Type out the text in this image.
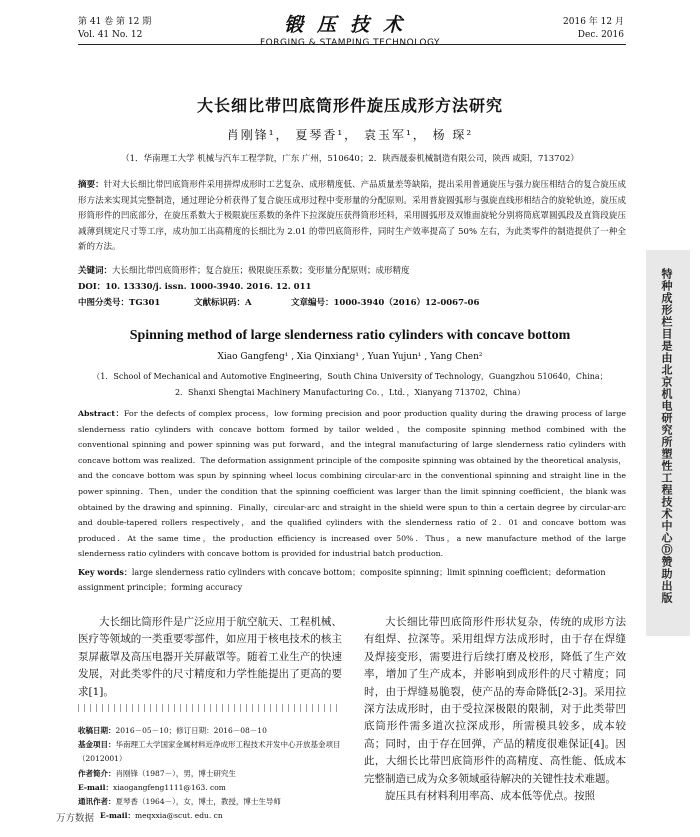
第 41 卷 第 12 期
Vol. 41 No. 12	锻压技术
FORGING & STAMPING TECHNOLOGY
2016 年 12 月
Dec. 2016
大长细比带凹底筒形件旋压成形方法研究
肖刚锋¹， 夏琴香¹， 袁玉军¹， 杨 琛²
（1．华南理工大学 机械与汽车工程学院，广东 广州，510640；2．陕西晟泰机械制造有限公司，陕西 咸阳，713702）
摘要：针对大长细比带凹底筒形件采用拼焊成形时工艺复杂、成形精度低、产品质量差等缺陷，提出采用普通旋压与强力旋压相结合的复合旋压成形方法来实现其完整制造，通过理论分析获得了复合旋压成形过程中变形量的分配原则。采用普旋圆弧形与强旋直线形相结合的旋轮轨迹，旋压成形筒形件的凹底部分，在旋压系数大于极限旋压系数的条件下拉深旋压获得筒形坯料，采用圆弧形及双锥面旋轮分别将筒底罩圆弧段及直筒段旋压减薄到规定尺寸等工序，成功加工出高精度的长细比为 2.01 的带凹底筒形件，同时生产效率提高了 50% 左右，为此类零件的制造提供了一种全新的方法。
关键词：大长细比带凹底筒形件；复合旋压；极限旋压系数；变形量分配原则；成形精度
DOI：10. 13330/j. issn. 1000-3940. 2016. 12. 011
中图分类号：TG301	文献标识码：A	文章编号：1000-3940（2016）12-0067-06
Spinning method of large slenderness ratio cylinders with concave bottom
Xiao Gangfeng¹ , Xia Qinxiang¹ , Yuan Yujun¹ , Yang Chen²
（1．School of Mechanical and Automotive Engineering，South China University of Technology，Guangzhou 510640，China；
2．Shanxi Shengtai Machinery Manufacturing Co．，Ltd．，Xianyang 713702，China）
Abstract：For the defects of complex process，low forming precision and poor production quality during the drawing process of large slenderness ratio cylinders with concave bottom formed by tailor welded，the composite spinning method combined with the conventional spinning and power spinning was put forward，and the integral manufacturing of large slenderness ratio cylinders with concave bottom was realized．The deformation assignment principle of the composite spinning was obtained by the theoretical analysis，and the concave bottom was spun by spinning wheel locus combining circular-arc in the conventional spinning and straight line in the power spinning．Then，under the condition that the spinning coefficient was larger than the limit spinning coefficient，the blank was obtained by the drawing and spinning．Finally，circular-arc and straight in the shield were spun to thin a certain degree by circular-arc and double-tapered rollers respectively，and the qualified cylinders with the slenderness ratio of 2．01 and concave bottom was produced．At the same time，the production efficiency is increased over 50%．Thus，a new manufacture method of the large slenderness ratio cylinders with concave bottom is provided for industrial batch production.
Key words：large slenderness ratio cylinders with concave bottom；composite spinning；limit spinning coefficient；deformation assignment principle；forming accuracy
大长细比筒形件是广泛应用于航空航天、工程机械、医疗等领域的一类重要零部件，如应用于核电技术的核主泵屏蔽罩及高压电器开关屏蔽罩等。随着工业生产的快速发展，对此类零件的尺寸精度和力学性能提出了更高的要求[1]。
收稿日期：2016－05－10；修订日期：2016－08－10
基金项目：华南理工大学国家金属材料近净成形工程技术开发中心开放基金项目（2012001）
作者简介：肖刚锋（1987－），男，博士研究生
E-mail：xiaogangfeng1111@163. com
通讯作者：夏琴香（1964－），女，博士，教授，博士生导师
E-mail：meqxxia@scut. edu. cn
大长细比带凹底筒形件形状复杂，传统的成形方法有组焊、拉深等。采用组焊方法成形时，由于存在焊缝及焊接变形，需要进行后续打磨及校形，降低了生产效率，增加了生产成本，并影响到成形件的尺寸精度；同时，由于焊缝易脆裂，使产品的寿命降低[2-3]。采用拉深方法成形时，由于受拉深极限的限制，对于此类带凹底筒形件需多道次拉深成形，所需模具较多，成本较高；同时，由于存在回弹，产品的精度很难保证[4]。因此，大细长比带凹底筒形件的高精度、高性能、低成本完整制造已成为众多领域亟待解决的关键性技术难题。
旋压具有材料利用率高、成本低等优点。按照
特种成形栏目是由北京机电研究所塑性工程技术中心Ⓓ赞助出版
万方数据
